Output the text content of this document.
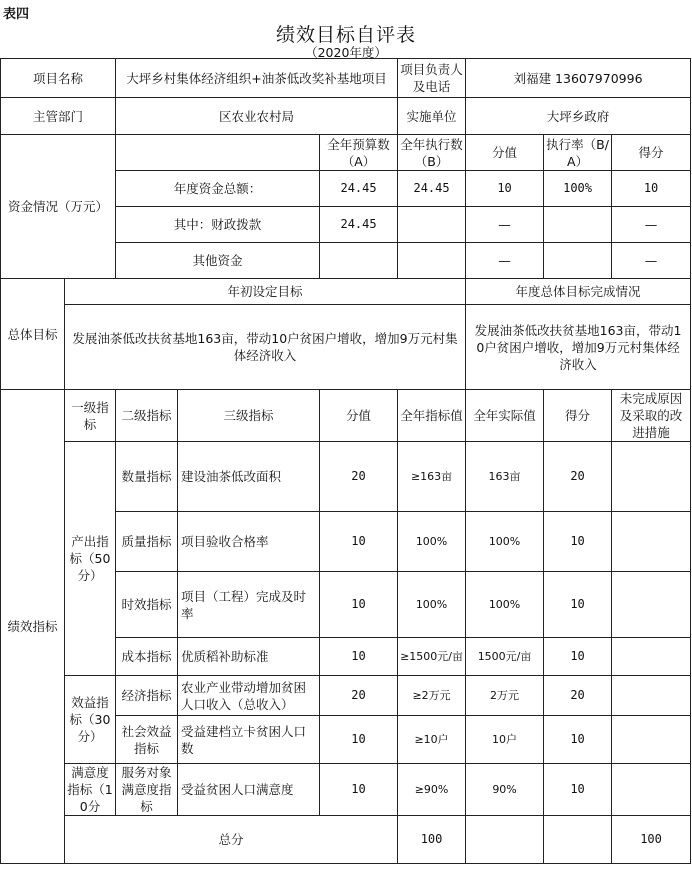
表四
绩效目标自评表
（2020年度）
项目名称		大坪乡村集体经济组织+油茶低改奖补基地项目			项目负责人及电话	刘福建 13607970996			
主管部门		区农业农村局			实施单位	大坪乡政府			
资金情况（万元）				全年预算数（A）	全年执行数（B）	分值	执行率（B/A）	得分	
		年度资金总额：		24.45	24.45	10	100%	10	
		其中：财政拨款		24.45		—		—	
		其他资金				—		—	
总体目标	年初设定目标					年度总体目标完成情况			
	发展油茶低改扶贫基地163亩，带动10户贫困户增收，增加9万元村集体经济收入					发展油茶低改扶贫基地163亩，带动10户贫困户增收，增加9万元村集体经济收入			
绩效指标	一级指标	二级指标	三级指标	分值	全年指标值	全年实际值	得分	未完成原因及采取的改进措施	
	产出指标（50分）	数量指标	建设油茶低改面积	20	≥163亩	163亩	20		
		质量指标	项目验收合格率	10	100%	100%	10		
		时效指标	项目（工程）完成及时率	10	100%	100%	10		
		成本指标	优质稻补助标准	10	≥1500元/亩	1500元/亩	10		
	效益指标（30分）	经济指标	农业产业带动增加贫困人口收入（总收入）	20	≥2万元	2万元	20		
		社会效益指标	受益建档立卡贫困人口数	10	≥10户	10户	10		
	满意度指标（10分	服务对象满意度指标	受益贫困人口满意度	10	≥90%	90%	10		
	总分				100			100	
